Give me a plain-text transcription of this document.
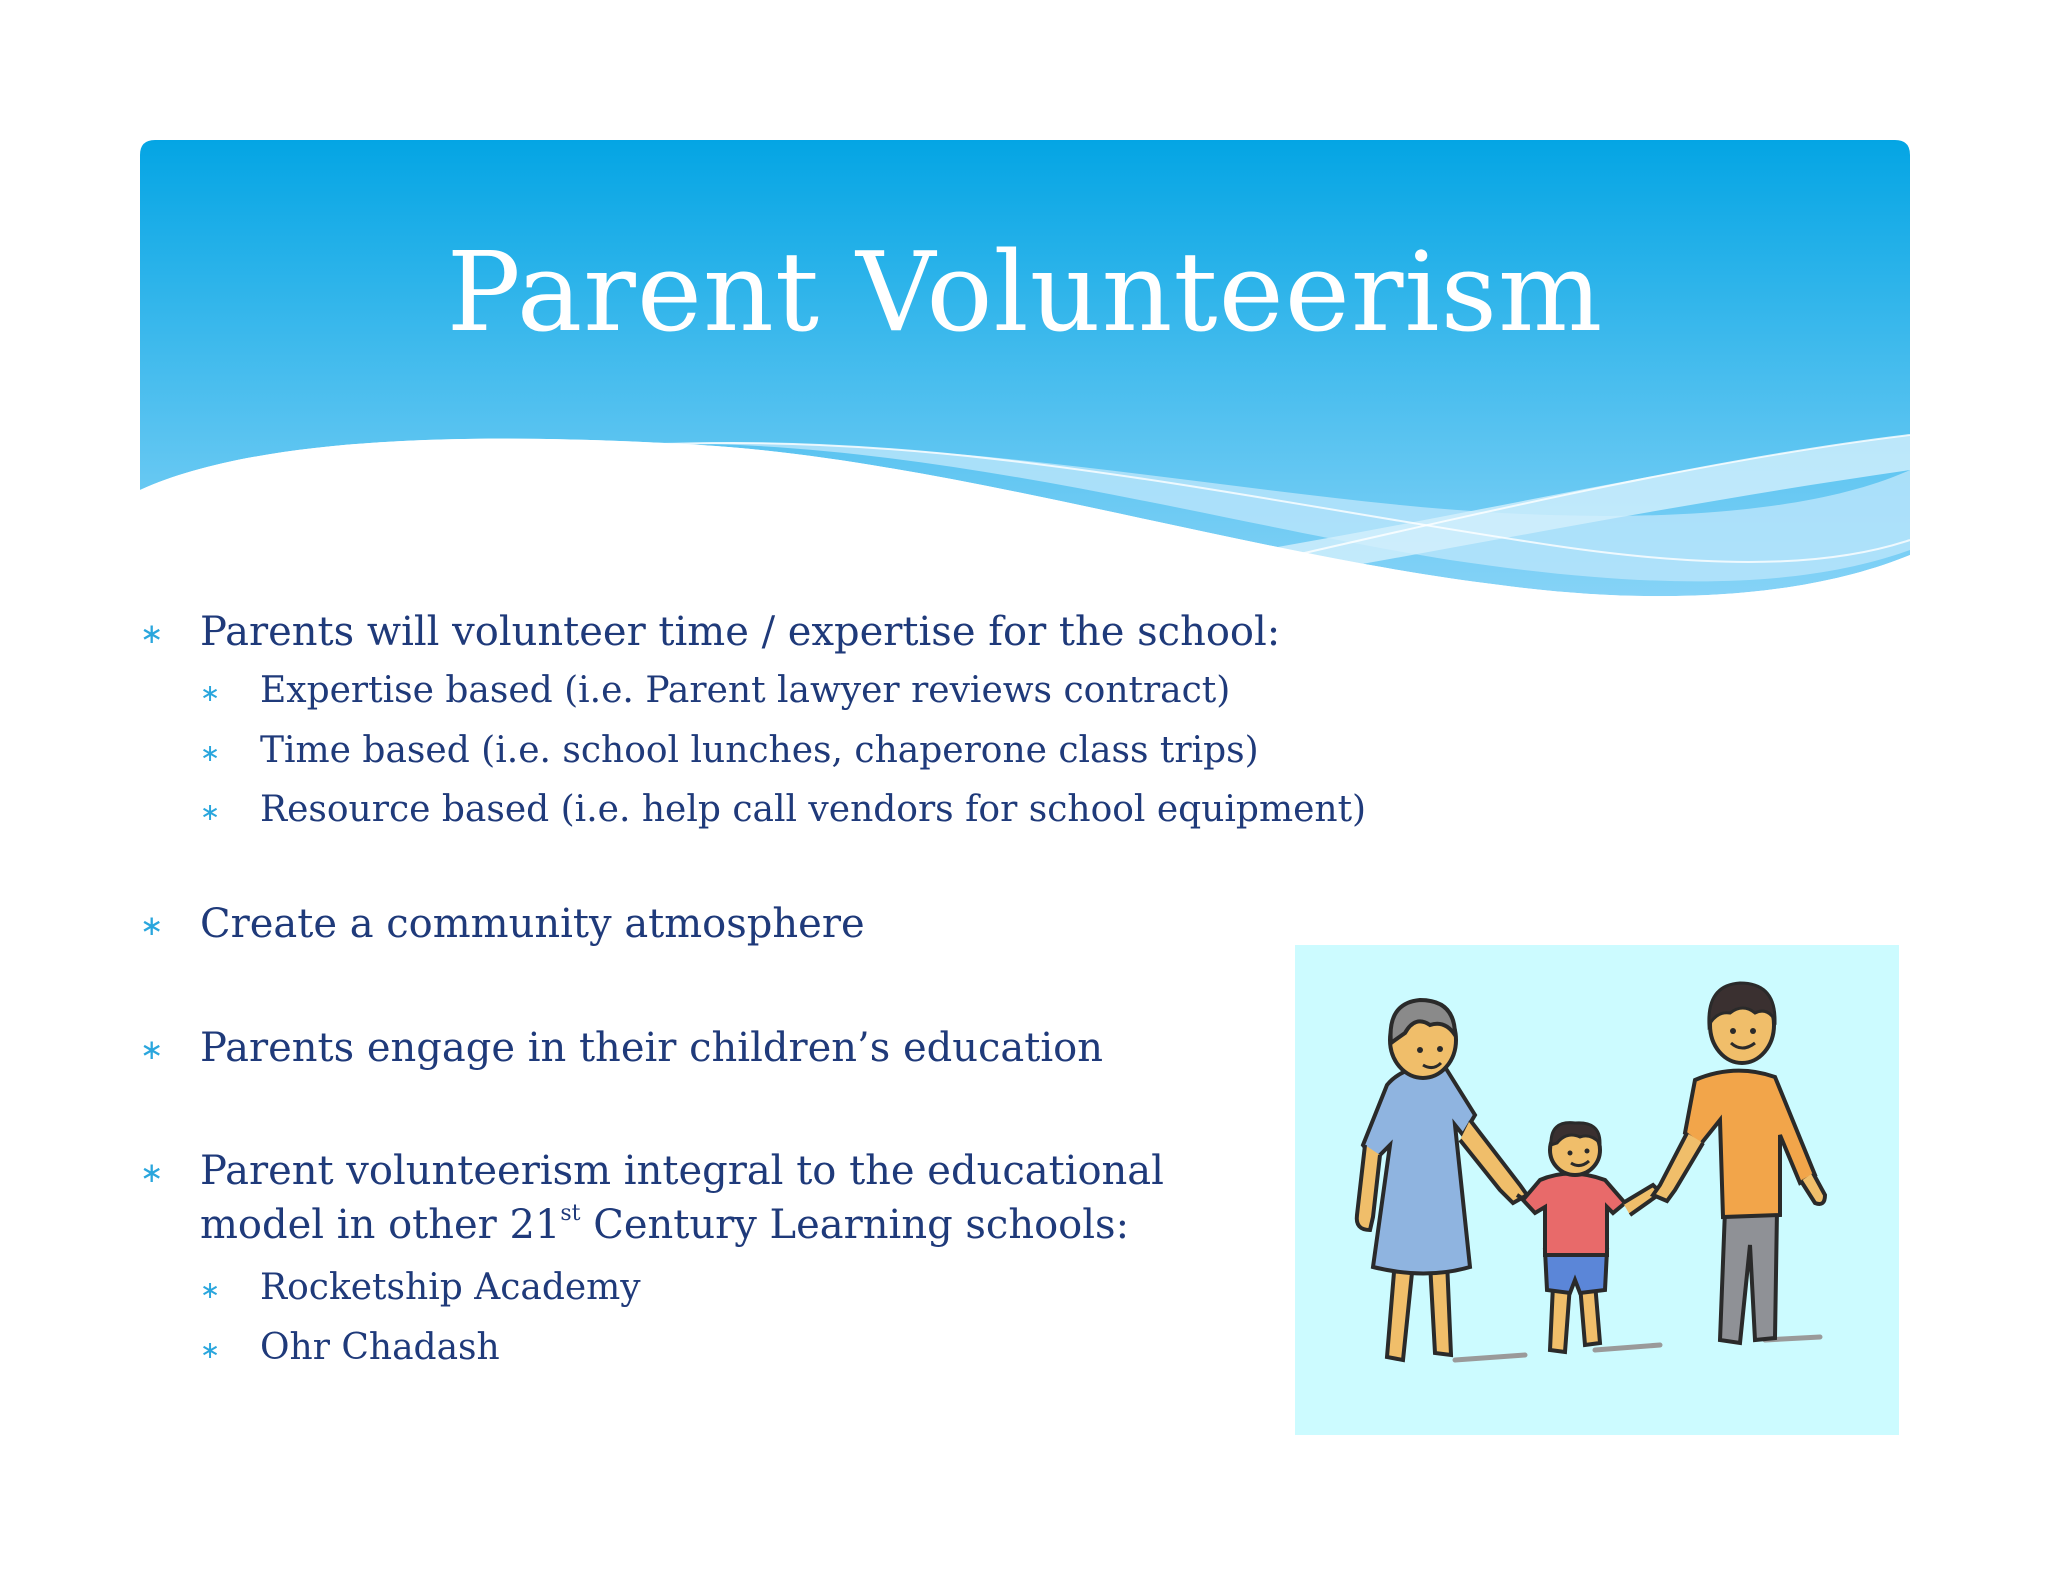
Parent Volunteerism
∗ Parents will volunteer time / expertise for the school:
∗ Expertise based (i.e. Parent lawyer reviews contract)
∗ Time based (i.e. school lunches, chaperone class trips)
∗ Resource based (i.e. help call vendors for school equipment)
∗ Create a community atmosphere
∗ Parents engage in their children’s education
∗ Parent volunteerism integral to the educational
model in other 21st Century Learning schools:
∗ Rocketship Academy
∗ Ohr Chadash
